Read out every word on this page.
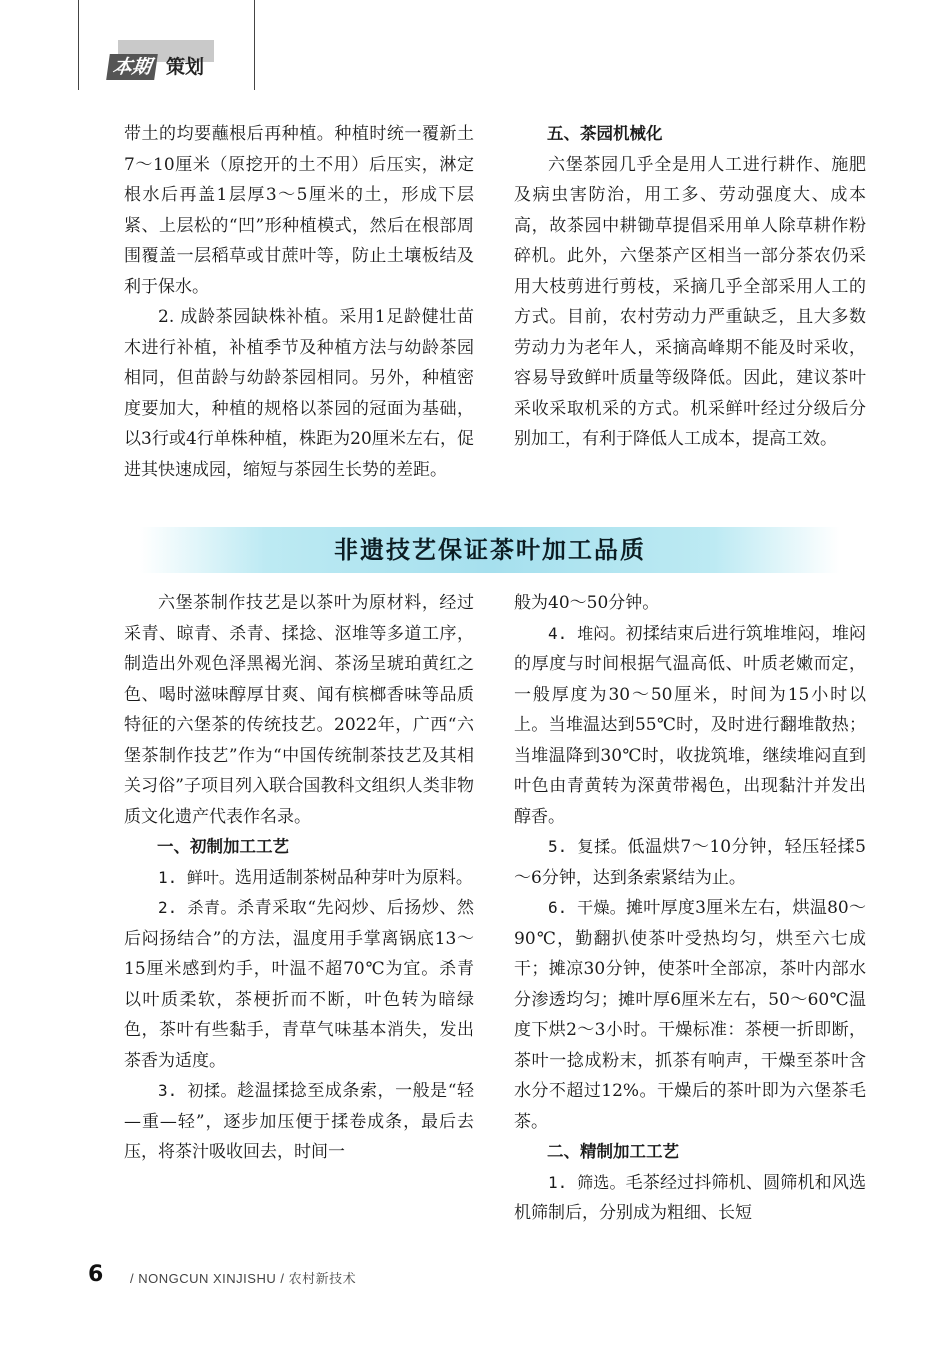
本期 策划

带土的均要蘸根后再种植。种植时统一覆新土7～10厘米（原挖开的土不用）后压实，淋定根水后再盖1层厚3～5厘米的土，形成下层紧、上层松的“凹”形种植模式，然后在根部周围覆盖一层稻草或甘蔗叶等，防止土壤板结及利于保水。

2. 成龄茶园缺株补植。采用1足龄健壮苗木进行补植，补植季节及种植方法与幼龄茶园相同，但苗龄与幼龄茶园相同。另外，种植密度要加大，种植的规格以茶园的冠面为基础，以3行或4行单株种植，株距为20厘米左右，促进其快速成园，缩短与茶园生长势的差距。

五、茶园机械化

六堡茶园几乎全是用人工进行耕作、施肥及病虫害防治，用工多、劳动强度大、成本高，故茶园中耕锄草提倡采用单人除草耕作粉碎机。此外，六堡茶产区相当一部分茶农仍采用大枝剪进行剪枝，采摘几乎全部采用人工的方式。目前，农村劳动力严重缺乏，且大多数劳动力为老年人，采摘高峰期不能及时采收，容易导致鲜叶质量等级降低。因此，建议茶叶采收采取机采的方式。机采鲜叶经过分级后分别加工，有利于降低人工成本，提高工效。

非遗技艺保证茶叶加工品质

六堡茶制作技艺是以茶叶为原材料，经过采青、晾青、杀青、揉捻、沤堆等多道工序，制造出外观色泽黑褐光润、茶汤呈琥珀黄红之色、喝时滋味醇厚甘爽、闻有槟榔香味等品质特征的六堡茶的传统技艺。2022年，广西“六堡茶制作技艺”作为“中国传统制茶技艺及其相关习俗”子项目列入联合国教科文组织人类非物质文化遗产代表作名录。

一、初制加工工艺

1. 鲜叶。选用适制茶树品种芽叶为原料。

2. 杀青。杀青采取“先闷炒、后扬炒、然后闷扬结合”的方法，温度用手掌离锅底13～15厘米感到灼手，叶温不超70℃为宜。杀青以叶质柔软，茶梗折而不断，叶色转为暗绿色，茶叶有些黏手，青草气味基本消失，发出茶香为适度。

3. 初揉。趁温揉捻至成条索，一般是“轻—重—轻”，逐步加压便于揉卷成条，最后去压，将茶汁吸收回去，时间一

般为40～50分钟。

4. 堆闷。初揉结束后进行筑堆堆闷，堆闷的厚度与时间根据气温高低、叶质老嫩而定，一般厚度为30～50厘米，时间为15小时以上。当堆温达到55℃时，及时进行翻堆散热；当堆温降到30℃时，收拢筑堆，继续堆闷直到叶色由青黄转为深黄带褐色，出现黏汁并发出醇香。

5. 复揉。低温烘7～10分钟，轻压轻揉5～6分钟，达到条索紧结为止。

6. 干燥。摊叶厚度3厘米左右，烘温80～90℃，勤翻扒使茶叶受热均匀，烘至六七成干；摊凉30分钟，使茶叶全部凉，茶叶内部水分渗透均匀；摊叶厚6厘米左右，50～60℃温度下烘2～3小时。干燥标准：茶梗一折即断，茶叶一捻成粉末，抓茶有响声，干燥至茶叶含水分不超过12%。干燥后的茶叶即为六堡茶毛茶。

二、精制加工工艺

1. 筛选。毛茶经过抖筛机、圆筛机和风选机筛制后，分别成为粗细、长短

6 / NONGCUN XINJISHU / 农村新技术
